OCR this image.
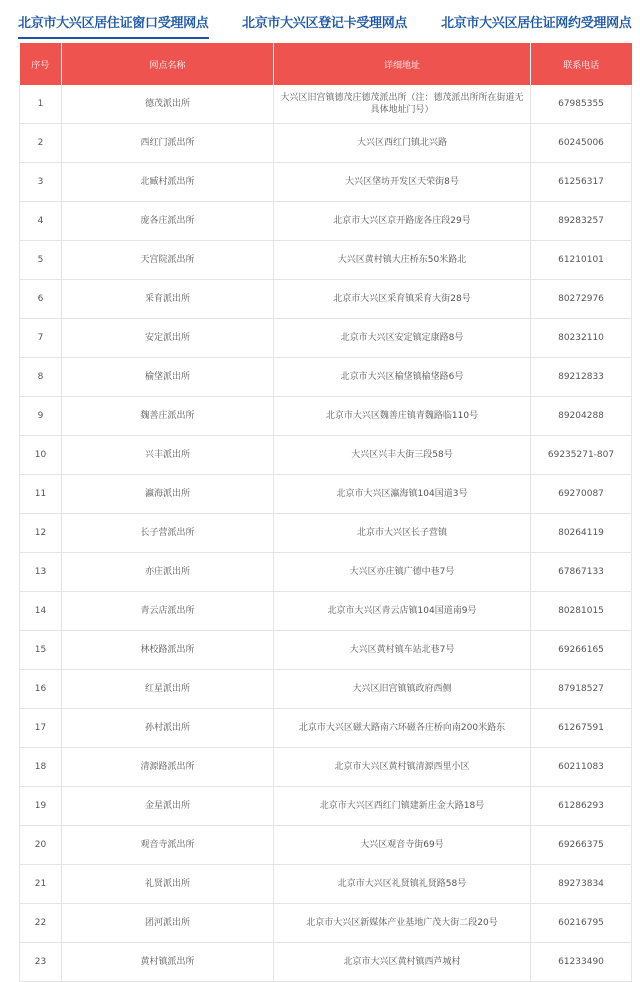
北京市大兴区居住证窗口受理网点	北京市大兴区登记卡受理网点	北京市大兴区居住证网约受理网点
序号	网点名称	详细地址	联系电话
1	德茂派出所	大兴区旧宫镇德茂庄德茂派出所（注：德茂派出所所在街道无具体地址门号）	67985355
2	西红门派出所	大兴区西红门镇北兴路	60245006
3	北臧村派出所	大兴区垡坊开发区天荣街8号	61256317
4	庞各庄派出所	北京市大兴区京开路庞各庄段29号	89283257
5	天宫院派出所	大兴区黄村镇大庄桥东50米路北	61210101
6	采育派出所	北京市大兴区采育镇采育大街28号	80272976
7	安定派出所	北京市大兴区安定镇定康路8号	80232110
8	榆垡派出所	北京市大兴区榆垡镇榆垡路6号	89212833
9	魏善庄派出所	北京市大兴区魏善庄镇青魏路临110号	89204288
10	兴丰派出所	大兴区兴丰大街三段58号	69235271-807
11	瀛海派出所	北京市大兴区瀛海镇104国道3号	69270087
12	长子营派出所	北京市大兴区长子营镇	80264119
13	亦庄派出所	大兴区亦庄镇广德中巷7号	67867133
14	青云店派出所	北京市大兴区青云店镇104国道南9号	80281015
15	林校路派出所	大兴区黄村镇车站北巷7号	69266165
16	红星派出所	大兴区旧宫镇镇政府西侧	87918527
17	孙村派出所	北京市大兴区磁大路南六环磁各庄桥向南200米路东	61267591
18	清源路派出所	北京市大兴区黄村镇清源西里小区	60211083
19	金星派出所	北京市大兴区西红门镇建新庄金大路18号	61286293
20	观音寺派出所	大兴区观音寺街69号	69266375
21	礼贤派出所	北京市大兴区礼贤镇礼贤路58号	89273834
22	团河派出所	北京市大兴区新媒体产业基地广茂大街二段20号	60216795
23	黄村镇派出所	北京市大兴区黄村镇西芦城村	61233490
